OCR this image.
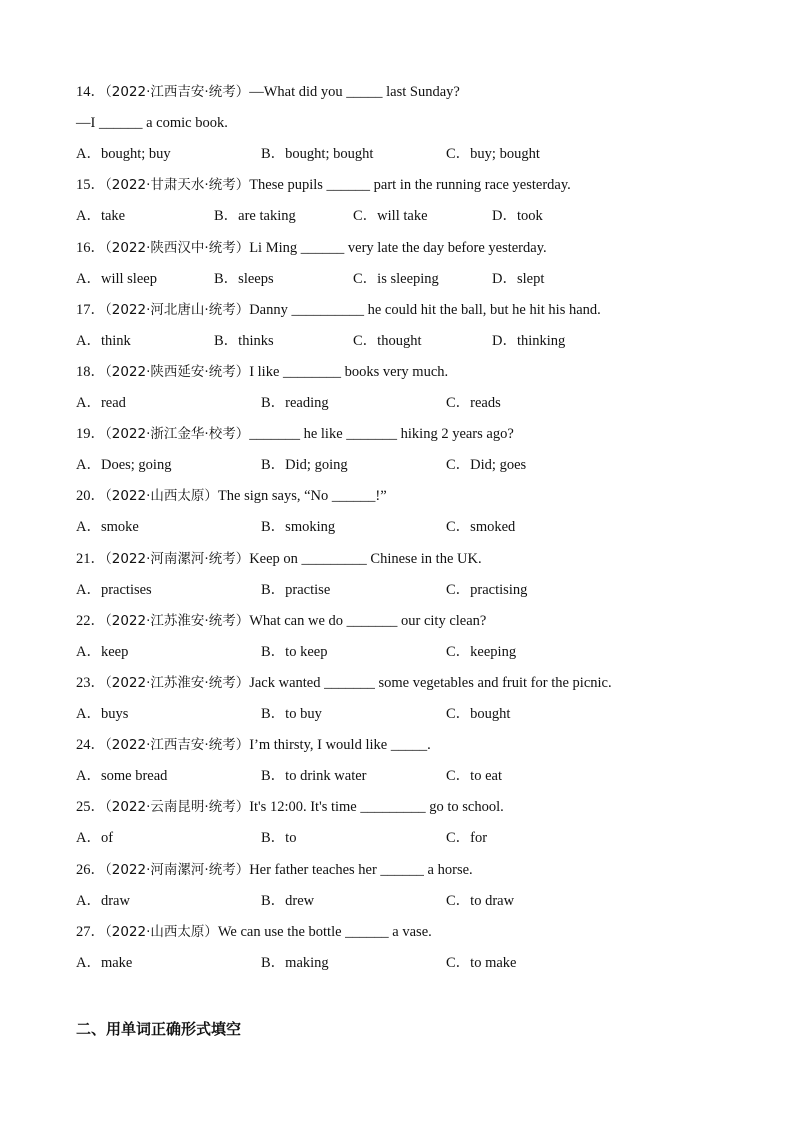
14．（2022·江西吉安·统考）—What did you _____ last Sunday?
—I ______ a comic book.
A．bought; buy	B．bought; bought	C．buy; bought
15．（2022·甘肃天水·统考）These pupils ______ part in the running race yesterday.
A．take	B．are taking	C．will take	D．took
16．（2022·陕西汉中·统考）Li Ming ______ very late the day before yesterday.
A．will sleep	B．sleeps	C．is sleeping	D．slept
17．（2022·河北唐山·统考）Danny __________ he could hit the ball, but he hit his hand.
A．think	B．thinks	C．thought	D．thinking
18．（2022·陕西延安·统考）I like ________ books very much.
A．read	B．reading	C．reads
19．（2022·浙江金华·校考）_______ he like _______ hiking 2 years ago?
A．Does; going	B．Did; going	C．Did; goes
20．（2022·山西太原）The sign says, “No ______!”
A．smoke	B．smoking	C．smoked
21．（2022·河南漯河·统考）Keep on _________ Chinese in the UK.
A．practises	B．practise	C．practising
22．（2022·江苏淮安·统考）What can we do _______ our city clean?
A．keep	B．to keep	C．keeping
23．（2022·江苏淮安·统考）Jack wanted _______ some vegetables and fruit for the picnic.
A．buys	B．to buy	C．bought
24．（2022·江西吉安·统考）I’m thirsty, I would like _____.
A．some bread	B．to drink water	C．to eat
25．（2022·云南昆明·统考）It's 12:00. It's time _________ go to school.
A．of	B．to	C．for
26．（2022·河南漯河·统考）Her father teaches her ______ a horse.
A．draw	B．drew	C．to draw
27．（2022·山西太原）We can use the bottle ______ a vase.
A．make	B．making	C．to make
二、用单词正确形式填空
